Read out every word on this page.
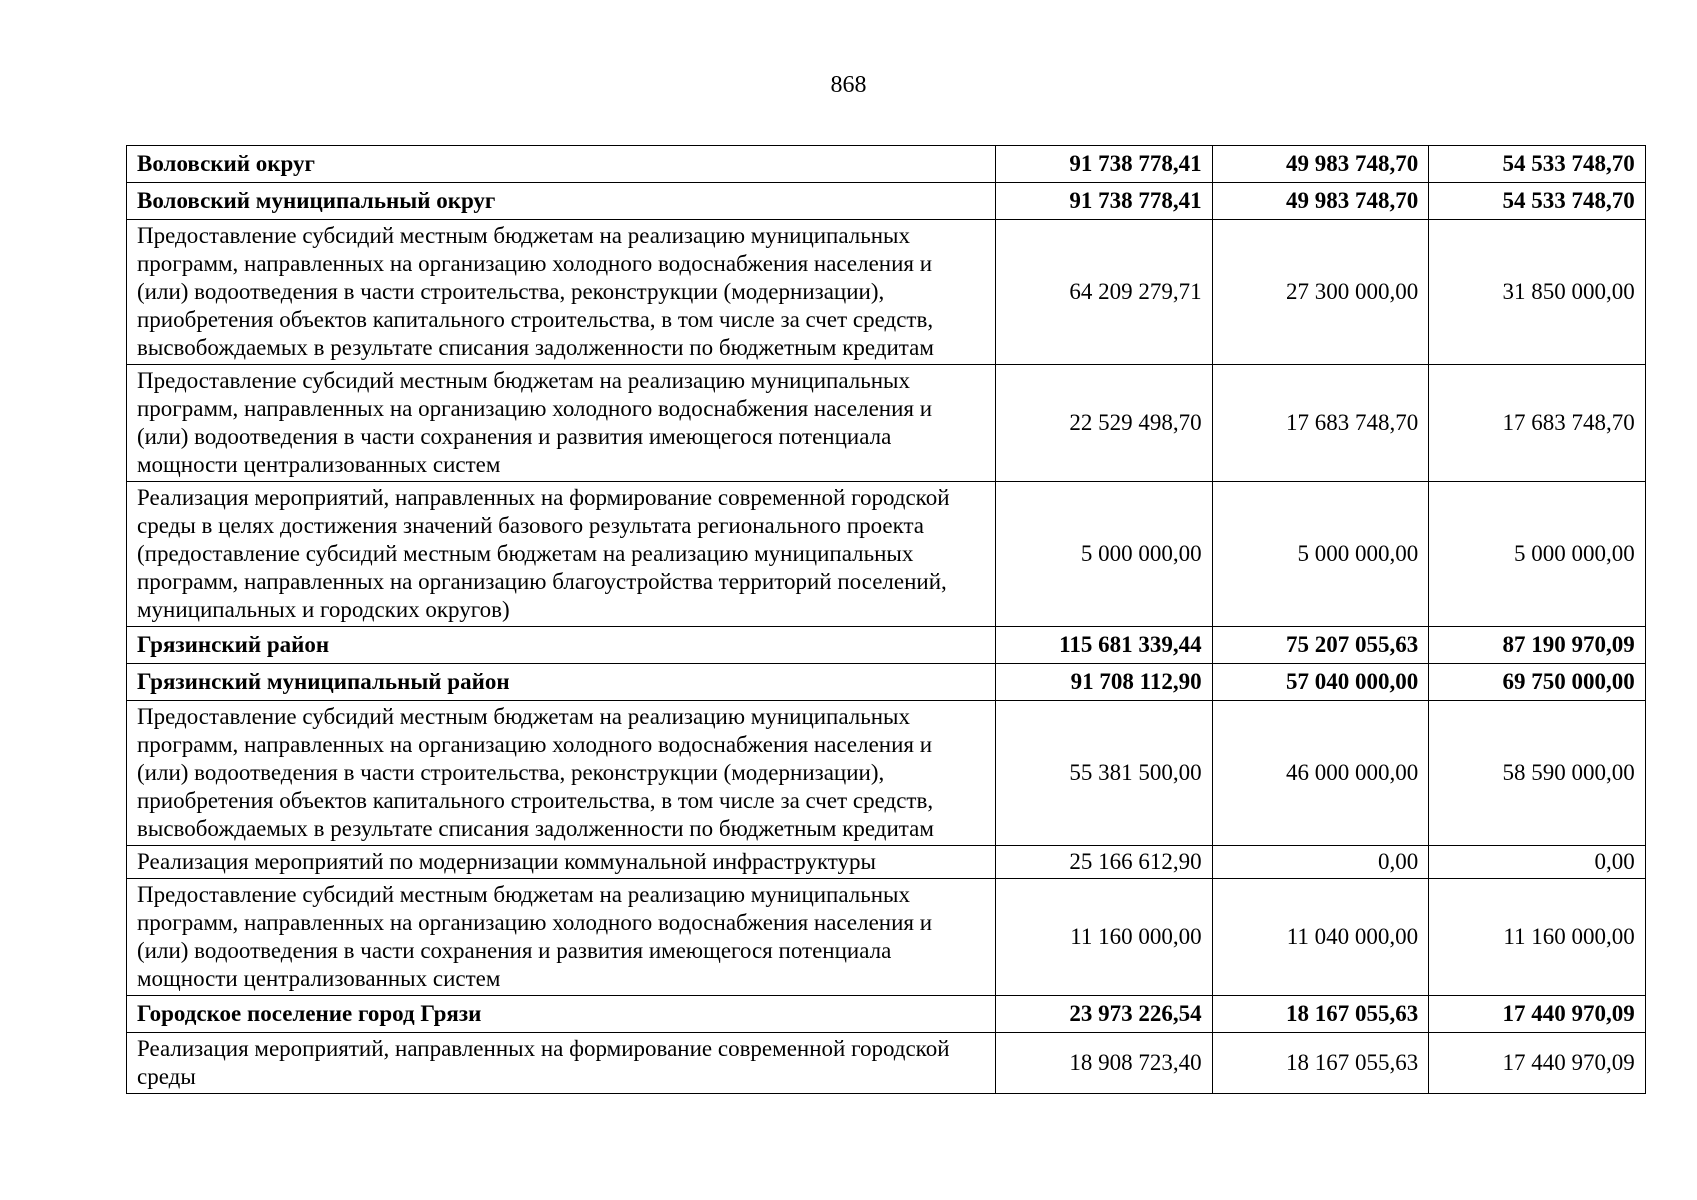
868
Воловский округ	91 738 778,41	49 983 748,70	54 533 748,70
Воловский муниципальный округ	91 738 778,41	49 983 748,70	54 533 748,70
Предоставление субсидий местным бюджетам на реализацию муниципальных программ, направленных на организацию холодного водоснабжения населения и (или) водоотведения в части строительства, реконструкции (модернизации), приобретения объектов капитального строительства, в том числе за счет средств, высвобождаемых в результате списания задолженности по бюджетным кредитам	64 209 279,71	27 300 000,00	31 850 000,00
Предоставление субсидий местным бюджетам на реализацию муниципальных программ, направленных на организацию холодного водоснабжения населения и (или) водоотведения в части сохранения и развития имеющегося потенциала мощности централизованных систем	22 529 498,70	17 683 748,70	17 683 748,70
Реализация мероприятий, направленных на формирование современной городской среды в целях достижения значений базового результата регионального проекта (предоставление субсидий местным бюджетам на реализацию муниципальных программ, направленных на организацию благоустройства территорий поселений, муниципальных и городских округов)	5 000 000,00	5 000 000,00	5 000 000,00
Грязинский район	115 681 339,44	75 207 055,63	87 190 970,09
Грязинский муниципальный район	91 708 112,90	57 040 000,00	69 750 000,00
Предоставление субсидий местным бюджетам на реализацию муниципальных программ, направленных на организацию холодного водоснабжения населения и (или) водоотведения в части строительства, реконструкции (модернизации), приобретения объектов капитального строительства, в том числе за счет средств, высвобождаемых в результате списания задолженности по бюджетным кредитам	55 381 500,00	46 000 000,00	58 590 000,00
Реализация мероприятий по модернизации коммунальной инфраструктуры	25 166 612,90	0,00	0,00
Предоставление субсидий местным бюджетам на реализацию муниципальных программ, направленных на организацию холодного водоснабжения населения и (или) водоотведения в части сохранения и развития имеющегося потенциала мощности централизованных систем	11 160 000,00	11 040 000,00	11 160 000,00
Городское поселение город Грязи	23 973 226,54	18 167 055,63	17 440 970,09
Реализация мероприятий, направленных на формирование современной городской среды	18 908 723,40	18 167 055,63	17 440 970,09
